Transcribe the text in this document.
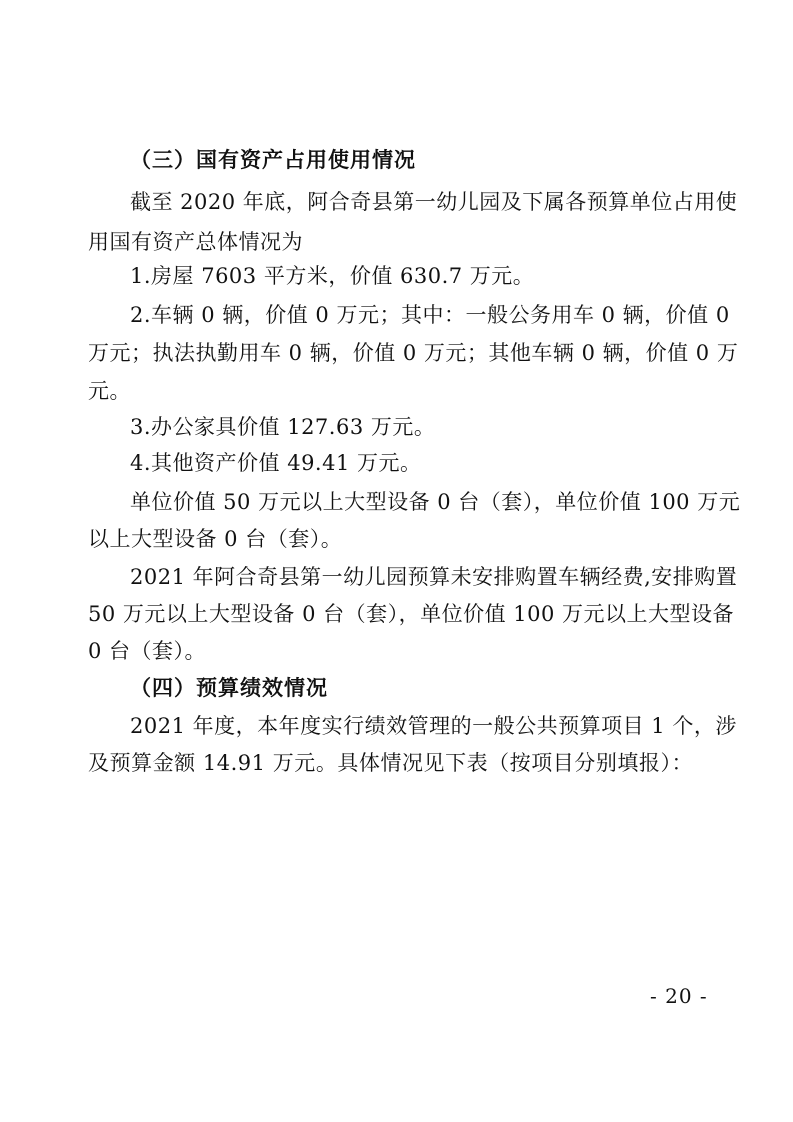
（三）国有资产占用使用情况
截至 2020 年底，阿合奇县第一幼儿园及下属各预算单位占用使
用国有资产总体情况为
1.房屋 7603 平方米，价值 630.7 万元。
2.车辆 0 辆，价值 0 万元；其中：一般公务用车 0 辆，价值 0
万元；执法执勤用车 0 辆，价值 0 万元；其他车辆 0 辆，价值 0 万
元。
3.办公家具价值 127.63 万元。
4.其他资产价值 49.41 万元。
单位价值 50 万元以上大型设备 0 台（套），单位价值 100 万元
以上大型设备 0 台（套）。
2021 年阿合奇县第一幼儿园预算未安排购置车辆经费,安排购置
50 万元以上大型设备 0 台（套），单位价值 100 万元以上大型设备
0 台（套）。
（四）预算绩效情况
2021 年度，本年度实行绩效管理的一般公共预算项目 1 个，涉
及预算金额 14.91 万元。具体情况见下表（按项目分别填报）：
- 20 -
